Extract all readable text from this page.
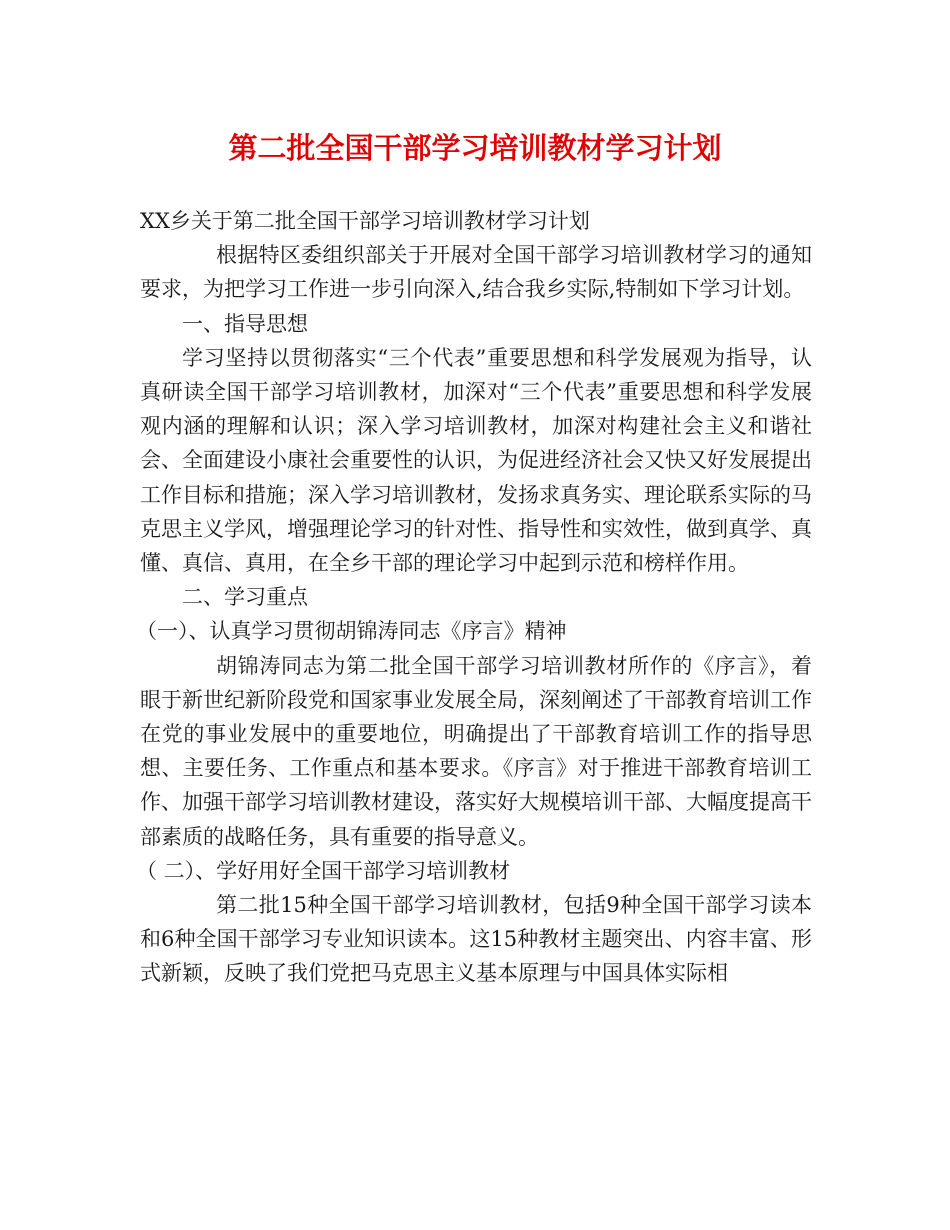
第二批全国干部学习培训教材学习计划

XX乡关于第二批全国干部学习培训教材学习计划

根据特区委组织部关于开展对全国干部学习培训教材学习的通知要求，为把学习工作进一步引向深入,结合我乡实际,特制如下学习计划。

一、指导思想

学习坚持以贯彻落实“三个代表”重要思想和科学发展观为指导，认真研读全国干部学习培训教材，加深对“三个代表”重要思想和科学发展观内涵的理解和认识；深入学习培训教材，加深对构建社会主义和谐社会、全面建设小康社会重要性的认识，为促进经济社会又快又好发展提出工作目标和措施；深入学习培训教材，发扬求真务实、理论联系实际的马克思主义学风，增强理论学习的针对性、指导性和实效性，做到真学、真懂、真信、真用，在全乡干部的理论学习中起到示范和榜样作用。

二、学习重点

（一）、认真学习贯彻胡锦涛同志《序言》精神

胡锦涛同志为第二批全国干部学习培训教材所作的《序言》，着眼于新世纪新阶段党和国家事业发展全局，深刻阐述了干部教育培训工作在党的事业发展中的重要地位，明确提出了干部教育培训工作的指导思想、主要任务、工作重点和基本要求。《序言》对于推进干部教育培训工作、加强干部学习培训教材建设，落实好大规模培训干部、大幅度提高干部素质的战略任务，具有重要的指导意义。

（ 二）、学好用好全国干部学习培训教材

第二批15种全国干部学习培训教材，包括9种全国干部学习读本和6种全国干部学习专业知识读本。这15种教材主题突出、内容丰富、形式新颖，反映了我们党把马克思主义基本原理与中国具体实际相
